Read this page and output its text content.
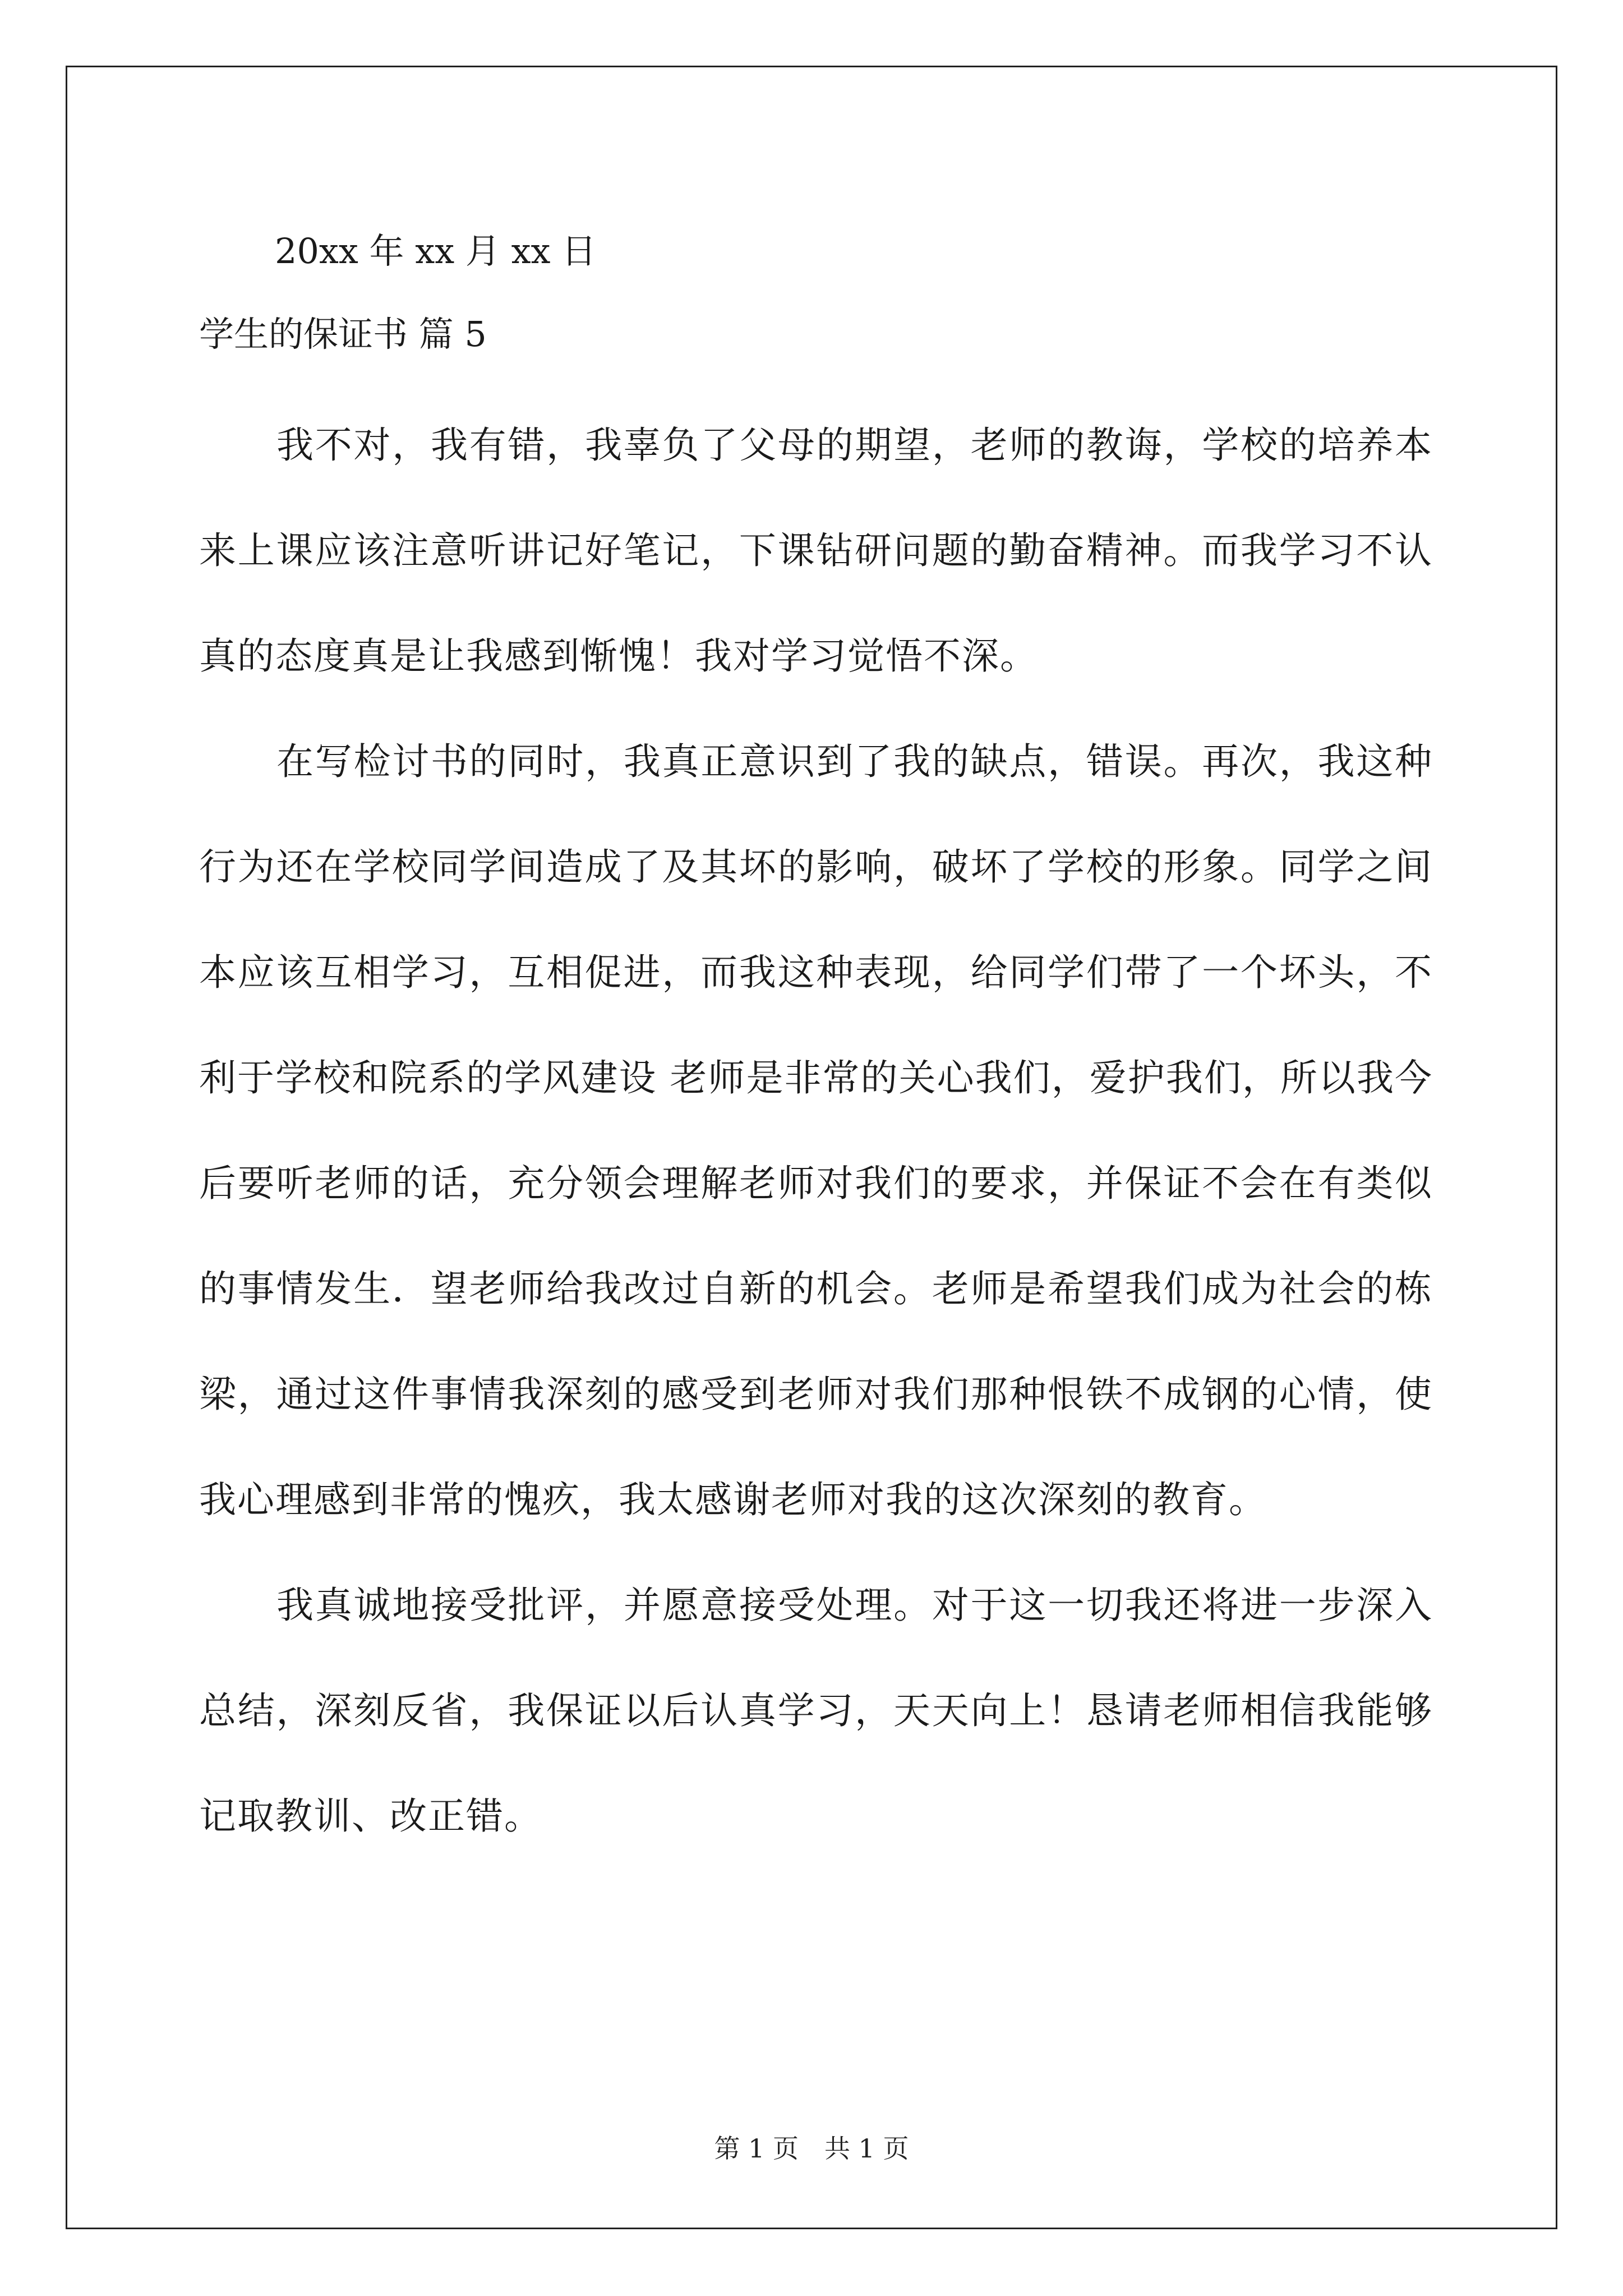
20xx 年 xx 月 xx 日
学生的保证书 篇 5

我不对，我有错，我辜负了父母的期望，老师的教诲，学校的培养本来上课应该注意听讲记好笔记，下课钻研问题的勤奋精神。而我学习不认真的态度真是让我感到惭愧！我对学习觉悟不深。

在写检讨书的同时，我真正意识到了我的缺点，错误。再次，我这种行为还在学校同学间造成了及其坏的影响，破坏了学校的形象。同学之间本应该互相学习，互相促进，而我这种表现，给同学们带了一个坏头，不利于学校和院系的学风建设 老师是非常的关心我们，爱护我们，所以我今后要听老师的话，充分领会理解老师对我们的要求，并保证不会在有类似的事情发生．望老师给我改过自新的机会。老师是希望我们成为社会的栋梁，通过这件事情我深刻的感受到老师对我们那种恨铁不成钢的心情，使我心理感到非常的愧疚，我太感谢老师对我的这次深刻的教育。

我真诚地接受批评，并愿意接受处理。对于这一切我还将进一步深入总结，深刻反省，我保证以后认真学习，天天向上！恳请老师相信我能够记取教训、改正错。

第 1 页　共 1 页
